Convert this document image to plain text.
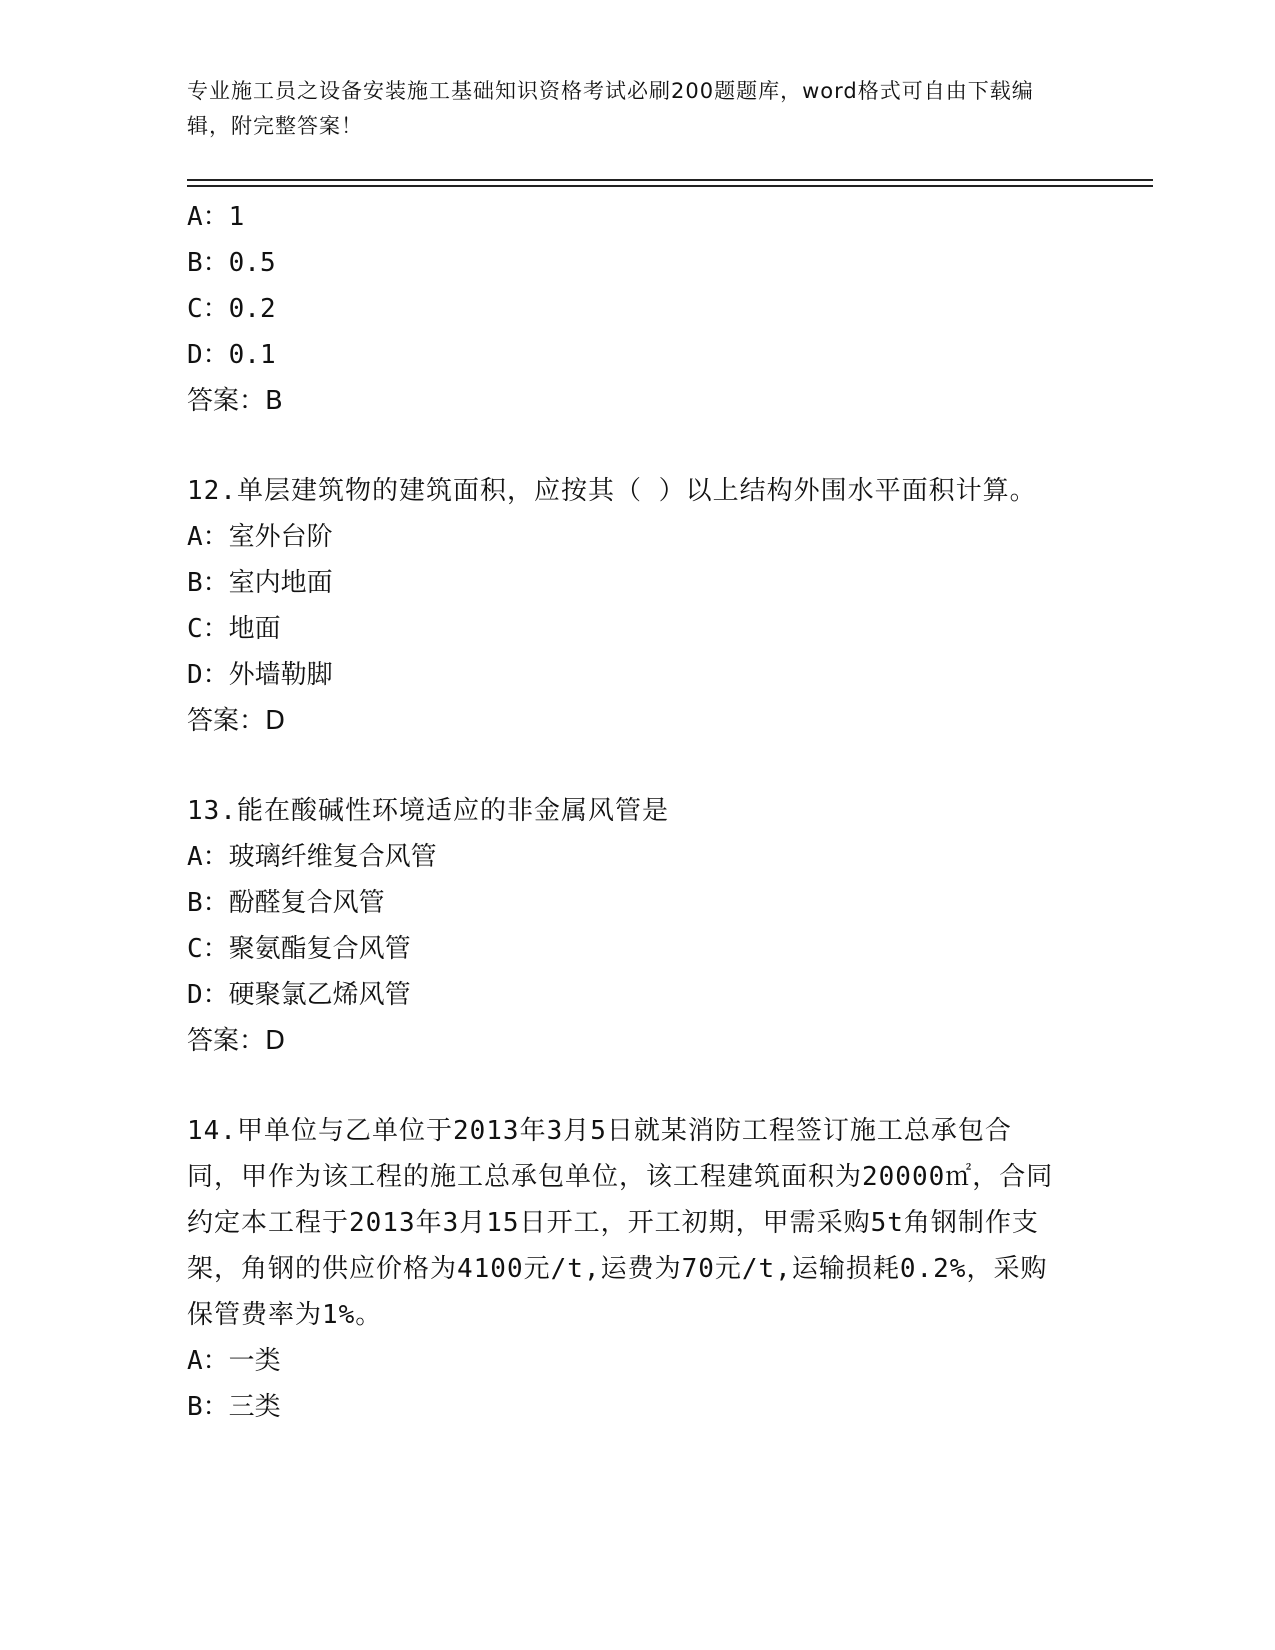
专业施工员之设备安装施工基础知识资格考试必刷200题题库，word格式可自由下载编辑，附完整答案！
A：1
B：0.5
C：0.2
D：0.1
答案：B
12.单层建筑物的建筑面积，应按其（ ）以上结构外围水平面积计算。
A：室外台阶
B：室内地面
C：地面
D：外墙勒脚
答案：D
13.能在酸碱性环境适应的非金属风管是
A：玻璃纤维复合风管
B：酚醛复合风管
C：聚氨酯复合风管
D：硬聚氯乙烯风管
答案：D
14.甲单位与乙单位于2013年3月5日就某消防工程签订施工总承包合同，甲作为该工程的施工总承包单位，该工程建筑面积为20000㎡，合同约定本工程于2013年3月15日开工，开工初期，甲需采购5t角钢制作支架，角钢的供应价格为4100元/t,运费为70元/t,运输损耗0.2%，采购保管费率为1%。
A：一类
B：三类
